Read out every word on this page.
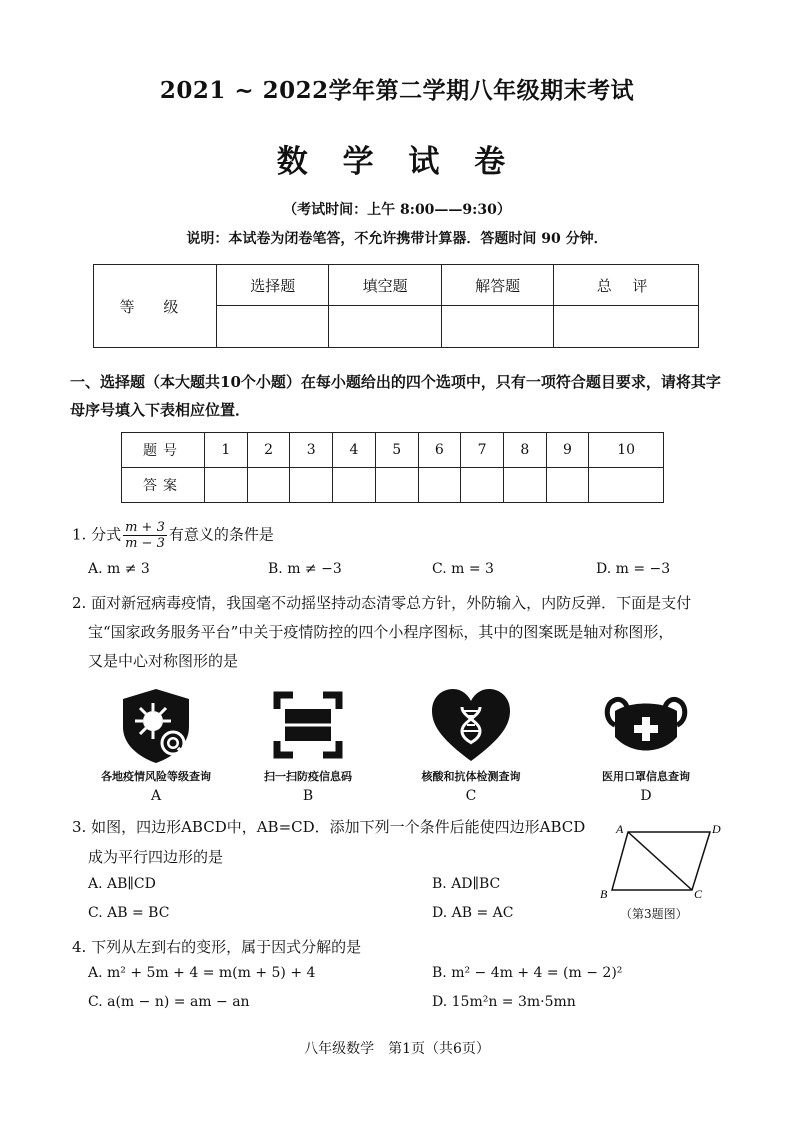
2021 ~ 2022学年第二学期八年级期末考试
数 学 试 卷
（考试时间：上午 8:00——9:30）
说明：本试卷为闭卷笔答，不允许携带计算器．答题时间 90 分钟．
等 级	选择题	填空题	解答题	总 评

一、选择题（本大题共10个小题）在每小题给出的四个选项中，只有一项符合题目要求，请将其字母序号填入下表相应位置．
题号	1	2	3	4	5	6	7	8	9	10
答案										
1. 分式 $\frac{m + 3}{m - 3}$ 有意义的条件是
A. m ≠ 3	B. m ≠ −3	C. m = 3	D. m = −3
2. 面对新冠病毒疫情，我国毫不动摇坚持动态清零总方针，外防输入，内防反弹．下面是支付
宝“国家政务服务平台”中关于疫情防控的四个小程序图标，其中的图案既是轴对称图形，
又是中心对称图形的是
各地疫情风险等级查询	扫一扫防疫信息码	核酸和抗体检测查询	医用口罩信息查询
A	B	C	D
3. 如图，四边形ABCD中，AB=CD．添加下列一个条件后能使四边形ABCD
成为平行四边形的是
A. AB∥CD	B. AD∥BC
C. AB = BC	D. AB = AC
A	D
B	C
（第3题图）
4. 下列从左到右的变形，属于因式分解的是
A. m² + 5m + 4 = m(m + 5) + 4	B. m² − 4m + 4 = (m − 2)²
C. a(m − n) = am − an	D. 15m²n = 3m·5mn
八年级数学　第1页（共6页）
